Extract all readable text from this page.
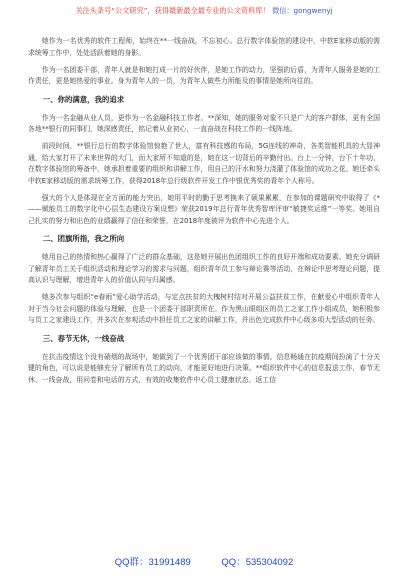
关注头条号“公文研究”，获得最新最全最专业的公文资料库！ 微信：gongwenyj

她作为一名优秀的软件工程师，始终在**一线奋战，不忘初心。总行数字体验馆的建设中，中软E家移动版的需求统筹工作中，处处活跃着她的身影。

作为一名团委干部，青年人就是和她打成一片的好伙伴，是她工作的动力，坚强的后盾，为青年人服务是她的工作责任，更是她热爱的事业。身为青年人的一员，为青年人做些力所能及的事情是她所向往的。

一、你的满意，我的追求

作为一名金融从业人员，更作为一名金融科技工作者。**深知，她的服务对象不只是广大的客户群体，更有全国各地**银行的同事们，她深感责任，铭记着从业初心，一直奋战在科技工作的一线阵地。

前段时间，**银行总行的数字体验馆惊艳了世人，富有科技感的布局，5G连线的神奇，各类智能机具的大显神通，给大家打开了未来世界的大门，而大家所不知道的是，她在这一切背后的辛勤付出。台上一分钟，台下十年功，在数字体验馆的筹备中，她承担着重要的组织和讲解工作，用自己的汗水和努力浇灌了体验馆的成功之花。她还牵头中软E家移动版的需求统筹工作，获得2018年总行级软件开发工作中银优秀奖的青年个人称号。

强大的个人是体现在全方面的能力突出，她用平时的勤于思考换来了硕果累累，在参加的课题研究中取得了《*——赋能员工的数字化中心层生态建设方案设想》荣获2019年总行青年优秀智库评审“敏捷奖运维”一等奖。她用自己扎实的努力和出色的业绩赢得了信任和荣誉，在2018年度被评为软件中心先进个人。

二、团旗所指，我之所向

她用自己的热情和热心赢得了广泛的群众基础，这是她开展出色团组织工作的良好开端和成功要素。她充分调研了解青年员工关于组织活动和理论学习的需求与问题，组织青年员工参与辩论赛等活动，在辩论中思考理论问题，提高认识与理解，增进青年人的价值认同与归属感。

她多次参与组织“e春雨”爱心助学活动，与定点扶贫的大槐树村结对开展公益扶贫工作，在献爱心中组织青年人对于当今社会问题的体验与理解，也是一个团委干部职责所在。作为黑山眼组区的员工之家工作小组成员，她积极参与员工之家建设工作，并多次在参观活动中担任员工之家的讲解工作，并出色完成软件中心级多项大型活动的任务。

三、春节无休，一线奋战

在抗击疫情这个没有硝烟的战场中，她做到了一个优秀团干部应该做的事情。信息畅通在抗疫期间扮演了十分关键的角色，可以说是能够充分了解所有员工的动向，才能更好地进行决策。**组织软件中心的信息报送工作，春节无休、一线奋战，用问卷和电话的方式，有效的收集软件中心员工健康状态、返工信

QQ群：31991489	QQ：535304092
